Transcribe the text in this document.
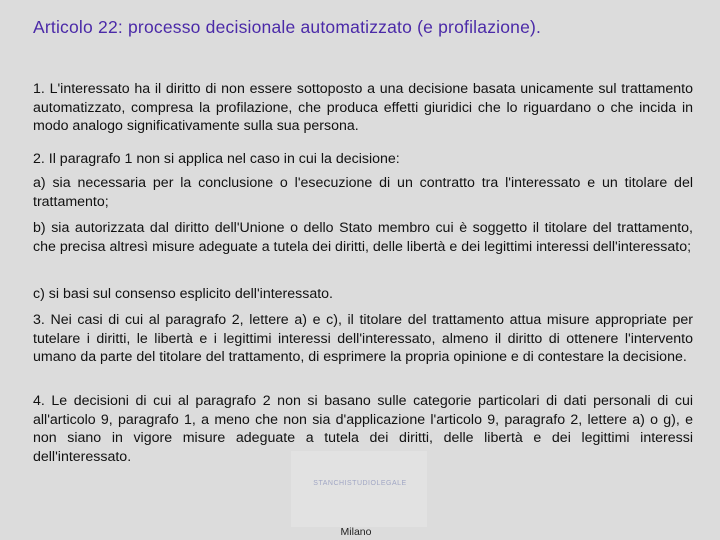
Articolo 22: processo decisionale automatizzato (e profilazione).

1. L'interessato ha il diritto di non essere sottoposto a una decisione basata unicamente sul trattamento automatizzato, compresa la profilazione, che produca effetti giuridici che lo riguardano o che incida in modo analogo significativamente sulla sua persona.

2. Il paragrafo 1 non si applica nel caso in cui la decisione:

a) sia necessaria per la conclusione o l'esecuzione di un contratto tra l'interessato e un titolare del trattamento;

b) sia autorizzata dal diritto dell'Unione o dello Stato membro cui è soggetto il titolare del trattamento, che precisa altresì misure adeguate a tutela dei diritti, delle libertà e dei legittimi interessi dell'interessato;

c) si basi sul consenso esplicito dell'interessato.

3. Nei casi di cui al paragrafo 2, lettere a) e c), il titolare del trattamento attua misure appropriate per tutelare i diritti, le libertà e i legittimi interessi dell'interessato, almeno il diritto di ottenere l'intervento umano da parte del titolare del trattamento, di esprimere la propria opinione e di contestare la decisione.

4. Le decisioni di cui al paragrafo 2 non si basano sulle categorie particolari di dati personali di cui all'articolo 9, paragrafo 1, a meno che non sia d'applicazione l'articolo 9, paragrafo 2, lettere a) o g), e non siano in vigore misure adeguate a tutela dei diritti, delle libertà e dei legittimi interessi dell'interessato.

STANCHISTUDIOLEGALE
Milano
